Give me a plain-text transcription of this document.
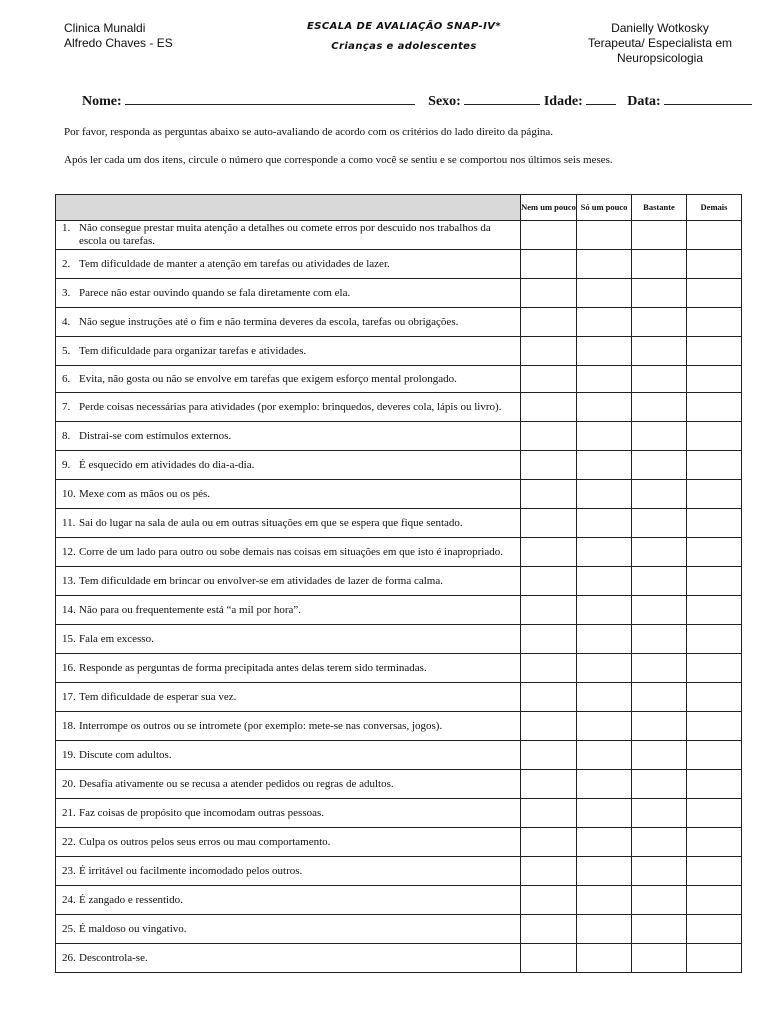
Clinica Munaldi
Alfredo Chaves - ES
ESCALA DE AVALIAÇÃO SNAP-IV*
Crianças e adolescentes
Danielly Wotkosky
Terapeuta/ Especialista em
Neuropsicologia
Nome:	Sexo:	Idade:	Data:
Por favor, responda as perguntas abaixo se auto-avaliando de acordo com os critérios do lado direito da página.
Após ler cada um dos itens, circule o número que corresponde a como você se sentiu e se comportou nos últimos seis meses.
	Nem um pouco	Só um pouco	Bastante	Demais
1. Não consegue prestar muita atenção a detalhes ou comete erros por descuido nos trabalhos da escola ou tarefas.				
2. Tem dificuldade de manter a atenção em tarefas ou atividades de lazer.				
3. Parece não estar ouvindo quando se fala diretamente com ela.				
4. Não segue instruções até o fim e não termina deveres da escola, tarefas ou obrigações.				
5. Tem dificuldade para organizar tarefas e atividades.				
6. Evita, não gosta ou não se envolve em tarefas que exigem esforço mental prolongado.				
7. Perde coisas necessárias para atividades (por exemplo: brinquedos, deveres cola, lápis ou livro).				
8. Distrai-se com estímulos externos.				
9. É esquecido em atividades do dia-a-dia.				
10. Mexe com as mãos ou os pés.				
11. Sai do lugar na sala de aula ou em outras situações em que se espera que fique sentado.				
12. Corre de um lado para outro ou sobe demais nas coisas em situações em que isto é inapropriado.				
13. Tem dificuldade em brincar ou envolver-se em atividades de lazer de forma calma.				
14. Não para ou frequentemente está “a mil por hora”.				
15. Fala em excesso.				
16. Responde as perguntas de forma precipitada antes delas terem sido terminadas.				
17. Tem dificuldade de esperar sua vez.				
18. Interrompe os outros ou se intromete (por exemplo: mete-se nas conversas, jogos).				
19. Discute com adultos.				
20. Desafia ativamente ou se recusa a atender pedidos ou regras de adultos.				
21. Faz coisas de propósito que incomodam outras pessoas.				
22. Culpa os outros pelos seus erros ou mau comportamento.				
23. É irritável ou facilmente incomodado pelos outros.				
24. É zangado e ressentido.				
25. É maldoso ou vingativo.				
26. Descontrola-se.				
